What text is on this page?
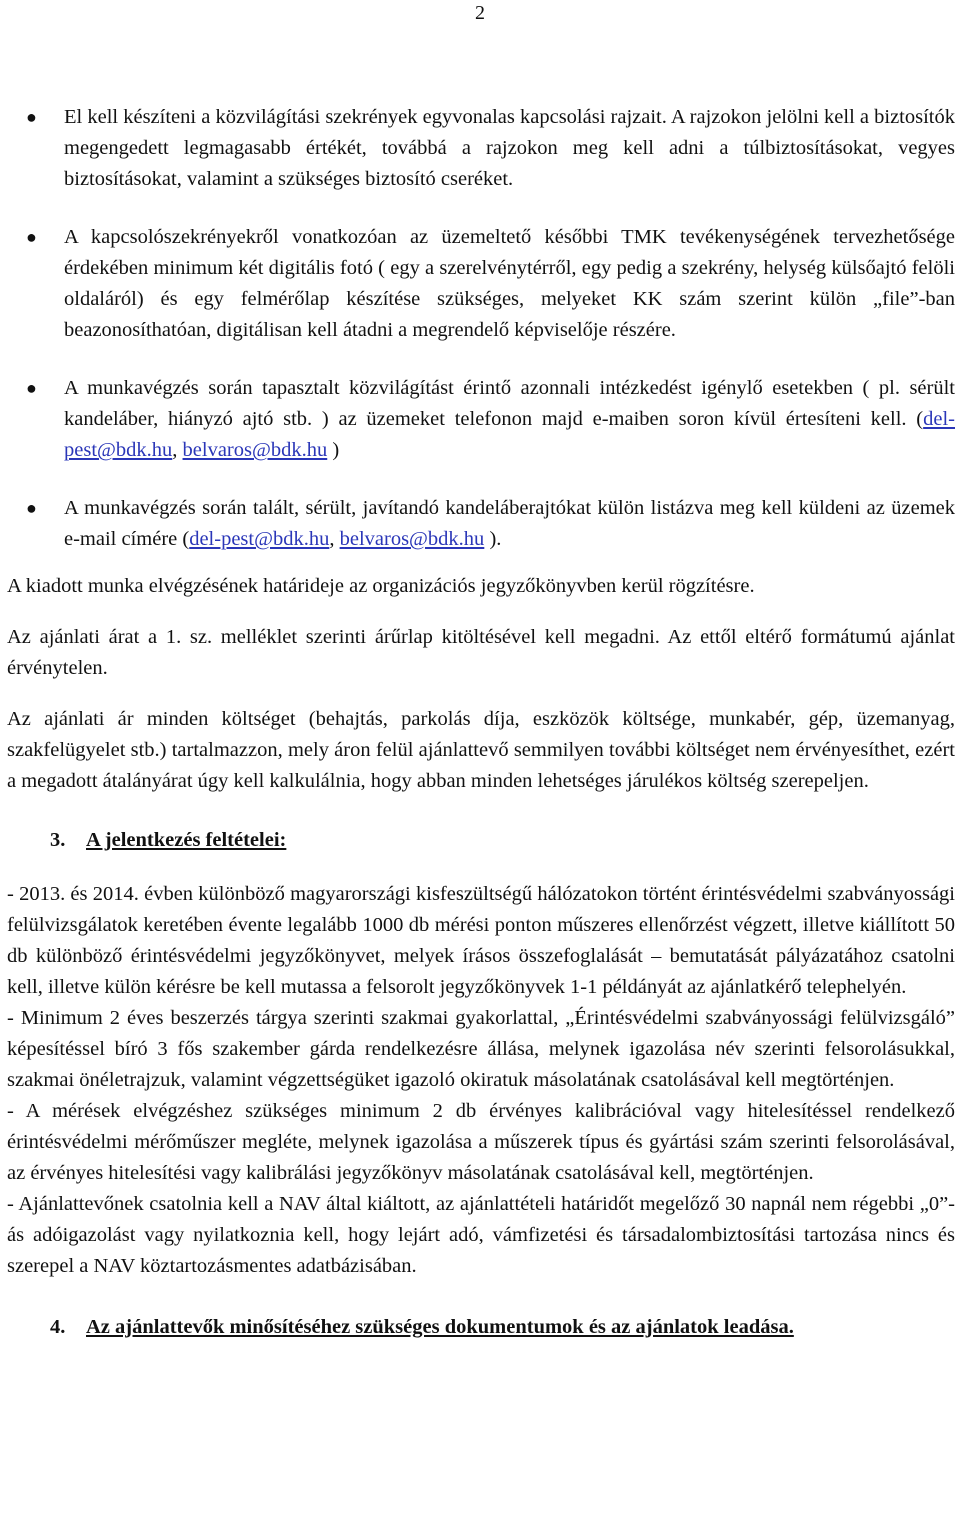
2
● El kell készíteni a közvilágítási szekrények egyvonalas kapcsolási rajzait. A rajzokon jelölni kell a biztosítók megengedett legmagasabb értékét, továbbá a rajzokon meg kell adni a túlbiztosításokat, vegyes biztosításokat, valamint a szükséges biztosító cseréket.
● A kapcsolószekrényekről vonatkozóan az üzemeltető későbbi TMK tevékenységének tervezhetősége érdekében minimum két digitális fotó ( egy a szerelvénytérről, egy pedig a szekrény, helység külsőajtó felöli oldaláról) és egy felmérőlap készítése szükséges, melyeket KK szám szerint külön „file”-ban beazonosíthatóan, digitálisan kell átadni a megrendelő képviselője részére.
● A munkavégzés során tapasztalt közvilágítást érintő azonnali intézkedést igénylő esetekben ( pl. sérült kandeláber, hiányzó ajtó stb. ) az üzemeket telefonon majd e-maiben soron kívül értesíteni kell. (del-pest@bdk.hu, belvaros@bdk.hu )
● A munkavégzés során talált, sérült, javítandó kandeláberajtókat külön listázva meg kell küldeni az üzemek e-mail címére (del-pest@bdk.hu, belvaros@bdk.hu ).

A kiadott munka elvégzésének határideje az organizációs jegyzőkönyvben kerül rögzítésre.

Az ajánlati árat a 1. sz. melléklet szerinti árűrlap kitöltésével kell megadni. Az ettől eltérő formátumú ajánlat érvénytelen.

Az ajánlati ár minden költséget (behajtás, parkolás díja, eszközök költsége, munkabér, gép, üzemanyag, szakfelügyelet stb.) tartalmazzon, mely áron felül ajánlattevő semmilyen további költséget nem érvényesíthet, ezért a megadott átalányárat úgy kell kalkulálnia, hogy abban minden lehetséges járulékos költség szerepeljen.

3. A jelentkezés feltételei:

- 2013. és 2014. évben különböző magyarországi kisfeszültségű hálózatokon történt érintésvédelmi szabványossági felülvizsgálatok keretében évente legalább 1000 db mérési ponton műszeres ellenőrzést végzett, illetve kiállított 50 db különböző érintésvédelmi jegyzőkönyvet, melyek írásos összefoglalását – bemutatását pályázatához csatolni kell, illetve külön kérésre be kell mutassa a felsorolt jegyzőkönyvek 1-1 példányát az ajánlatkérő telephelyén.

- Minimum 2 éves beszerzés tárgya szerinti szakmai gyakorlattal, „Érintésvédelmi szabványossági felülvizsgáló” képesítéssel bíró 3 fős szakember gárda rendelkezésre állása, melynek igazolása név szerinti felsorolásukkal, szakmai önéletrajzuk, valamint végzettségüket igazoló okiratuk másolatának csatolásával kell megtörténjen.

- A mérések elvégzéshez szükséges minimum 2 db érvényes kalibrációval vagy hitelesítéssel rendelkező érintésvédelmi mérőműszer megléte, melynek igazolása a műszerek típus és gyártási szám szerinti felsorolásával, az érvényes hitelesítési vagy kalibrálási jegyzőkönyv másolatának csatolásával kell, megtörténjen.

- Ajánlattevőnek csatolnia kell a NAV által kiáltott, az ajánlattételi határidőt megelőző 30 napnál nem régebbi „0”- ás adóigazolást vagy nyilatkoznia kell, hogy lejárt adó, vámfizetési és társadalombiztosítási tartozása nincs és szerepel a NAV köztartozásmentes adatbázisában.

4. Az ajánlattevők minősítéséhez szükséges dokumentumok és az ajánlatok leadása.
